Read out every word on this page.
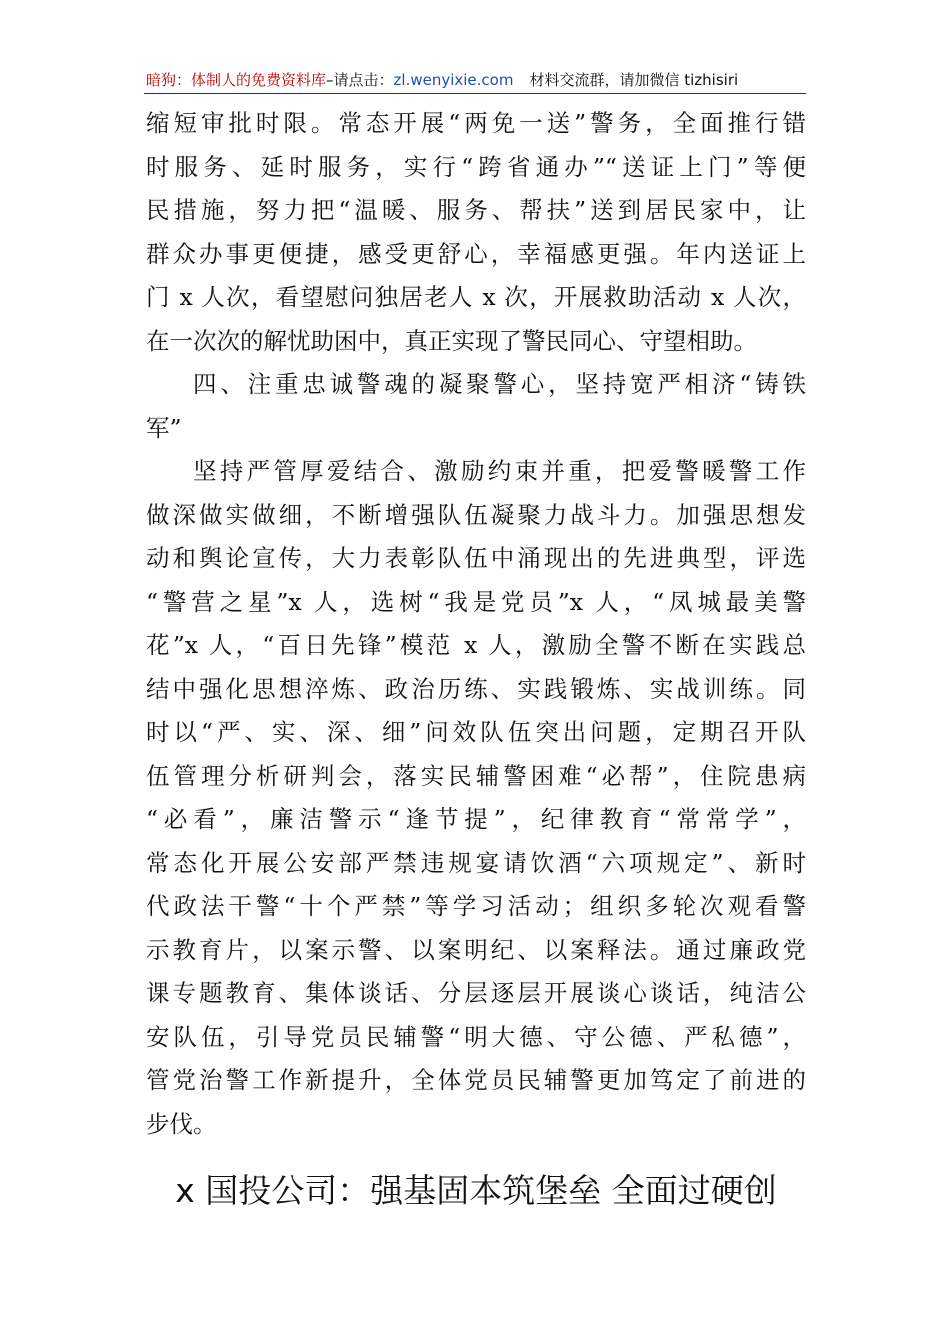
暗狗：体制人的免费资料库–请点击：zl.wenyixie.com 材料交流群，请加微信 tizhisiri
缩短审批时限。常态开展“两免一送”警务，全面推行错
时服务、延时服务，实行“跨省通办”“送证上门”等便
民措施，努力把“温暖、服务、帮扶”送到居民家中，让
群众办事更便捷，感受更舒心，幸福感更强。年内送证上
门 x 人次，看望慰问独居老人 x 次，开展救助活动 x 人次，
在一次次的解忧助困中，真正实现了警民同心、守望相助。
四、注重忠诚警魂的凝聚警心，坚持宽严相济“铸铁
军”
坚持严管厚爱结合、激励约束并重，把爱警暖警工作
做深做实做细，不断增强队伍凝聚力战斗力。加强思想发
动和舆论宣传，大力表彰队伍中涌现出的先进典型，评选
“警营之星”x 人，选树“我是党员”x 人，“凤城最美警
花”x 人，“百日先锋”模范 x 人，激励全警不断在实践总
结中强化思想淬炼、政治历练、实践锻炼、实战训练。同
时以“严、实、深、细”问效队伍突出问题，定期召开队
伍管理分析研判会，落实民辅警困难“必帮”，住院患病
“必看”，廉洁警示“逢节提”，纪律教育“常常学”，
常态化开展公安部严禁违规宴请饮酒“六项规定”、新时
代政法干警“十个严禁”等学习活动；组织多轮次观看警
示教育片，以案示警、以案明纪、以案释法。通过廉政党
课专题教育、集体谈话、分层逐层开展谈心谈话，纯洁公
安队伍，引导党员民辅警“明大德、守公德、严私德”，
管党治警工作新提升，全体党员民辅警更加笃定了前进的
步伐。
x 国投公司：强基固本筑堡垒 全面过硬创
